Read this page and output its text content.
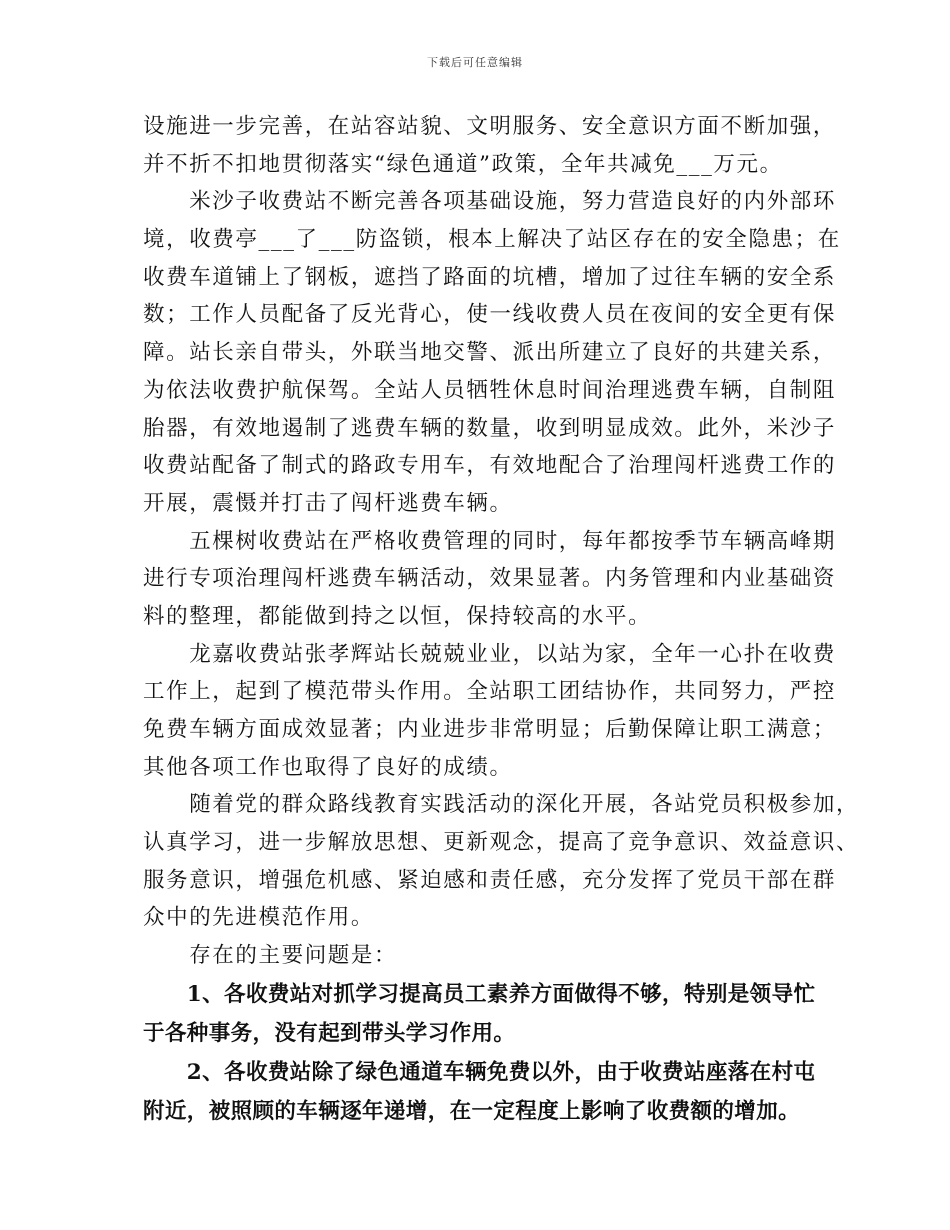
下载后可任意编辑
设施进一步完善，在站容站貌、文明服务、安全意识方面不断加强，
并不折不扣地贯彻落实“绿色通道”政策，全年共减免___万元。
　　米沙子收费站不断完善各项基础设施，努力营造良好的内外部环
境，收费亭___了___防盗锁，根本上解决了站区存在的安全隐患；在
收费车道铺上了钢板，遮挡了路面的坑槽，增加了过往车辆的安全系
数；工作人员配备了反光背心，使一线收费人员在夜间的安全更有保
障。站长亲自带头，外联当地交警、派出所建立了良好的共建关系，
为依法收费护航保驾。全站人员牺牲休息时间治理逃费车辆，自制阻
胎器，有效地遏制了逃费车辆的数量，收到明显成效。此外，米沙子
收费站配备了制式的路政专用车，有效地配合了治理闯杆逃费工作的
开展，震慑并打击了闯杆逃费车辆。
　　五棵树收费站在严格收费管理的同时，每年都按季节车辆高峰期
进行专项治理闯杆逃费车辆活动，效果显著。内务管理和内业基础资
料的整理，都能做到持之以恒，保持较高的水平。
　　龙嘉收费站张孝辉站长兢兢业业，以站为家，全年一心扑在收费
工作上，起到了模范带头作用。全站职工团结协作，共同努力，严控
免费车辆方面成效显著；内业进步非常明显；后勤保障让职工满意；
其他各项工作也取得了良好的成绩。
　　随着党的群众路线教育实践活动的深化开展，各站党员积极参加，
认真学习，进一步解放思想、更新观念，提高了竞争意识、效益意识、
服务意识，增强危机感、紧迫感和责任感，充分发挥了党员干部在群
众中的先进模范作用。
　　存在的主要问题是：
　　1、各收费站对抓学习提高员工素养方面做得不够，特别是领导忙
于各种事务，没有起到带头学习作用。
　　2、各收费站除了绿色通道车辆免费以外，由于收费站座落在村屯
附近，被照顾的车辆逐年递增，在一定程度上影响了收费额的增加。
